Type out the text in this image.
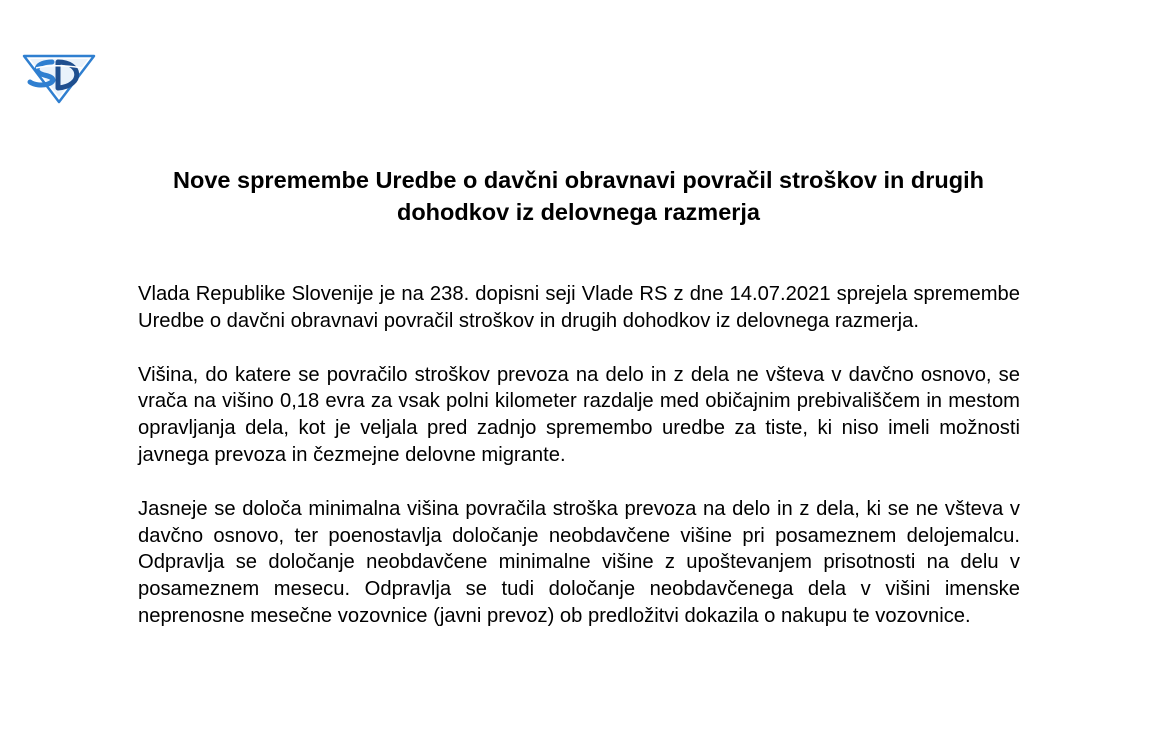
Nove spremembe Uredbe o davčni obravnavi povračil stroškov in drugih dohodkov iz delovnega razmerja

Vlada Republike Slovenije je na 238. dopisni seji Vlade RS z dne 14.07.2021 sprejela spremembe Uredbe o davčni obravnavi povračil stroškov in drugih dohodkov iz delovnega razmerja.

Višina, do katere se povračilo stroškov prevoza na delo in z dela ne všteva v davčno osnovo, se vrača na višino 0,18 evra za vsak polni kilometer razdalje med običajnim prebivališčem in mestom opravljanja dela, kot je veljala pred zadnjo spremembo uredbe za tiste, ki niso imeli možnosti javnega prevoza in čezmejne delovne migrante.

Jasneje se določa minimalna višina povračila stroška prevoza na delo in z dela, ki se ne všteva v davčno osnovo, ter poenostavlja določanje neobdavčene višine pri posameznem delojemalcu. Odpravlja se določanje neobdavčene minimalne višine z upoštevanjem prisotnosti na delu v posameznem mesecu. Odpravlja se tudi določanje neobdavčenega dela v višini imenske neprenosne mesečne vozovnice (javni prevoz) ob predložitvi dokazila o nakupu te vozovnice.
